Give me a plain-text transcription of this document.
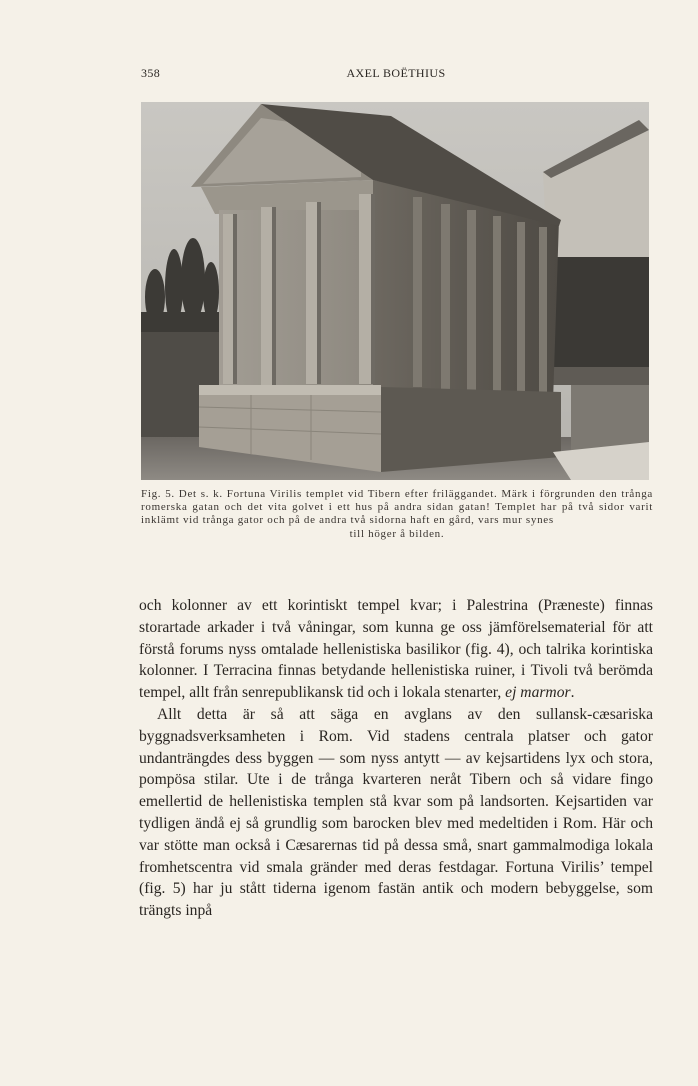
358	AXEL BOËTHIUS
Fig. 5. Det s. k. Fortuna Virilis templet vid Tibern efter friläggandet. Märk i förgrunden den trånga romerska gatan och det vita golvet i ett hus på andra sidan gatan! Templet har på två sidor varit inklämt vid trånga gator och på de andra två sidorna haft en gård, vars mur synes
till höger å bilden.

och kolonner av ett korintiskt tempel kvar; i Palestrina (Præneste) finnas storartade arkader i två våningar, som kunna ge oss jämförelsematerial för att förstå forums nyss omtalade hellenistiska basilikor (fig. 4), och talrika korintiska kolonner. I Terracina finnas betydande hellenistiska ruiner, i Tivoli två berömda tempel, allt från senrepublikansk tid och i lokala stenarter, ej marmor.

Allt detta är så att säga en avglans av den sullansk-cæsariska byggnadsverksamheten i Rom. Vid stadens centrala platser och gator undanträngdes dess byggen — som nyss antytt — av kejsartidens lyx och stora, pompösa stilar. Ute i de trånga kvarteren neråt Tibern och så vidare fingo emellertid de hellenistiska templen stå kvar som på landsorten. Kejsartiden var tydligen ändå ej så grundlig som barocken blev med medeltiden i Rom. Här och var stötte man också i Cæsarernas tid på dessa små, snart gammalmodiga lokala fromhetscentra vid smala gränder med deras festdagar. Fortuna Virilis’ tempel (fig. 5) har ju stått tiderna igenom fastän antik och modern bebyggelse, som trängts inpå
